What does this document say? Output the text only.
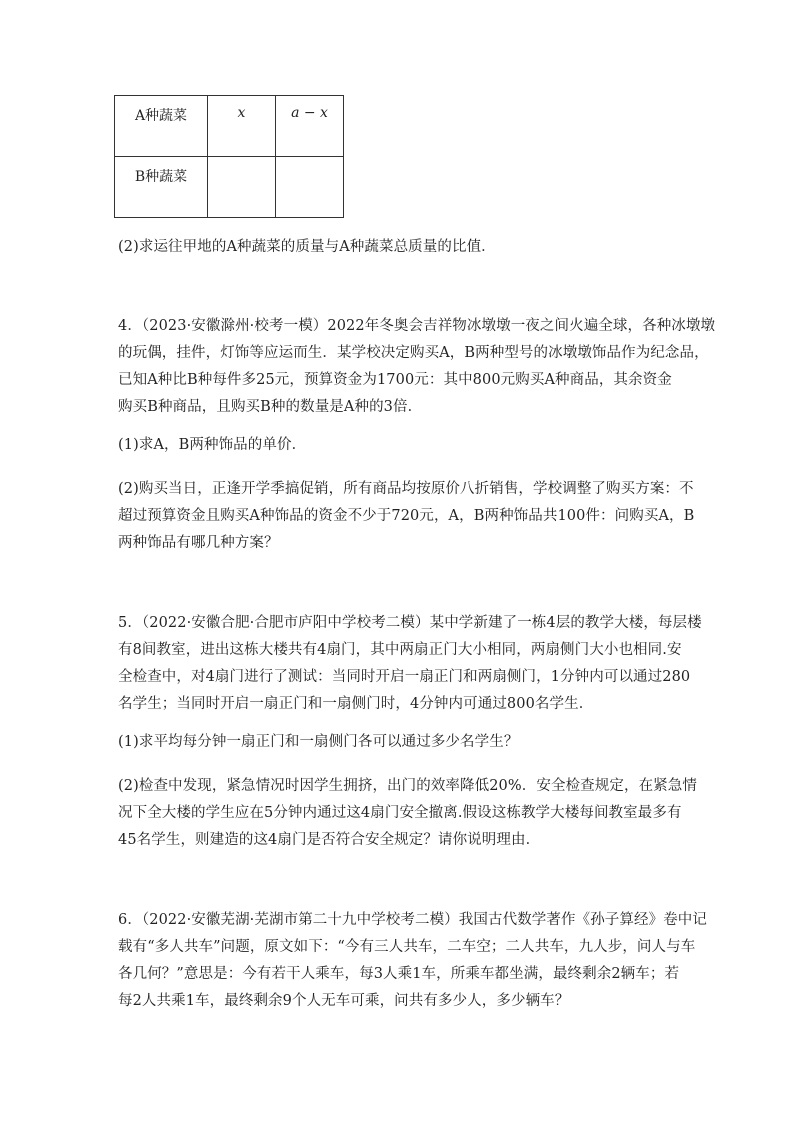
A种蔬菜	x	a − x
B种蔬菜		
(2)求运往甲地的A种蔬菜的质量与A种蔬菜总质量的比值．
4．（2023·安徽滁州·校考一模）2022年冬奥会吉祥物冰墩墩一夜之间火遍全球，各种冰墩墩
的玩偶，挂件，灯饰等应运而生．某学校决定购买A，B两种型号的冰墩墩饰品作为纪念品，
已知A种比B种每件多25元，预算资金为1700元：其中800元购买A种商品，其余资金
购买B种商品，且购买B种的数量是A种的3倍．
(1)求A，B两种饰品的单价．
(2)购买当日，正逢开学季搞促销，所有商品均按原价八折销售，学校调整了购买方案：不
超过预算资金且购买A种饰品的资金不少于720元，A，B两种饰品共100件：问购买A，B
两种饰品有哪几种方案？
5．（2022·安徽合肥·合肥市庐阳中学校考二模）某中学新建了一栋4层的教学大楼，每层楼
有8间教室，进出这栋大楼共有4扇门，其中两扇正门大小相同，两扇侧门大小也相同.安
全检查中，对4扇门进行了测试：当同时开启一扇正门和两扇侧门，1分钟内可以通过280
名学生；当同时开启一扇正门和一扇侧门时，4分钟内可通过800名学生．
(1)求平均每分钟一扇正门和一扇侧门各可以通过多少名学生？
(2)检查中发现，紧急情况时因学生拥挤，出门的效率降低20%．安全检查规定，在紧急情
况下全大楼的学生应在5分钟内通过这4扇门安全撤离.假设这栋教学大楼每间教室最多有
45名学生，则建造的这4扇门是否符合安全规定？请你说明理由．
6．（2022·安徽芜湖·芜湖市第二十九中学校考二模）我国古代数学著作《孙子算经》卷中记
载有“多人共车”问题，原文如下：“今有三人共车，二车空；二人共车，九人步，问人与车
各几何？”意思是：今有若干人乘车，每3人乘1车，所乘车都坐满，最终剩余2辆车；若
每2人共乘1车，最终剩余9个人无车可乘，问共有多少人，多少辆车？
